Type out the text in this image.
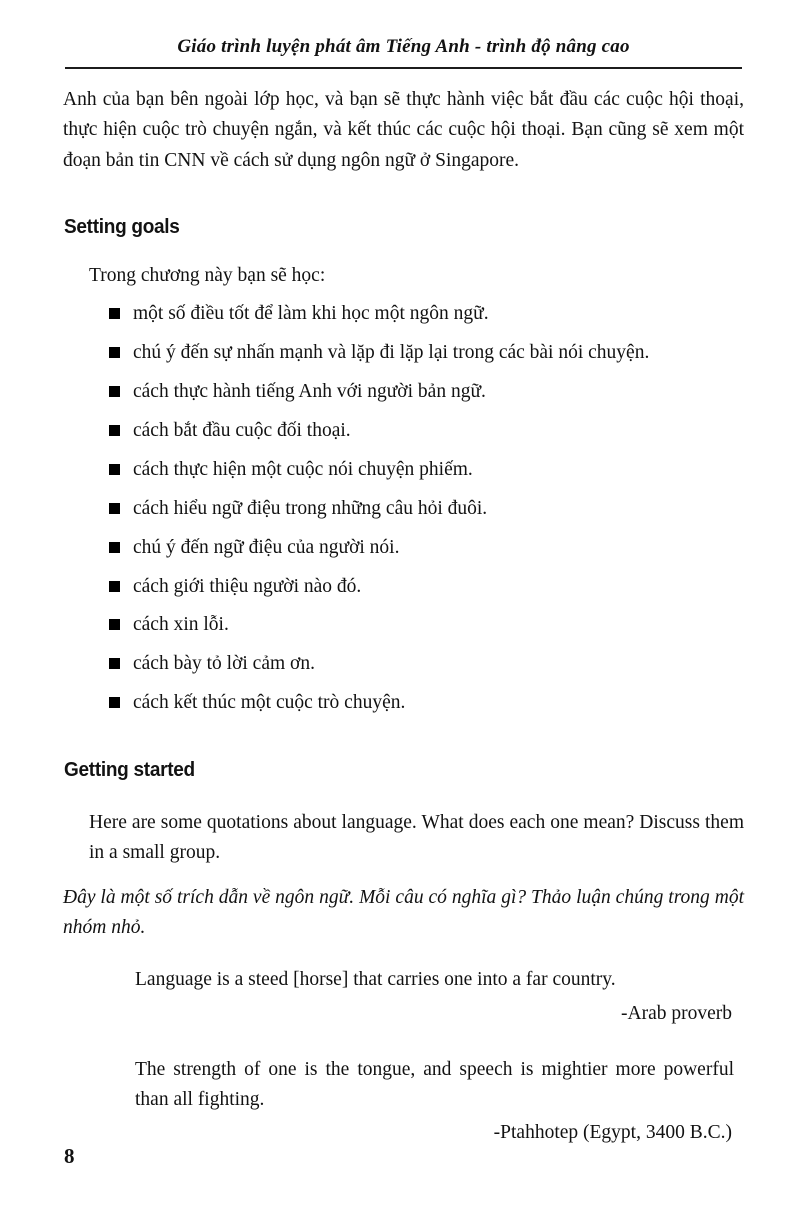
Giáo trình luyện phát âm Tiếng Anh - trình độ nâng cao

Anh của bạn bên ngoài lớp học, và bạn sẽ thực hành việc bắt đầu các cuộc hội thoại, thực hiện cuộc trò chuyện ngắn, và kết thúc các cuộc hội thoại. Bạn cũng sẽ xem một đoạn bản tin CNN về cách sử dụng ngôn ngữ ở Singapore.

Setting goals

Trong chương này bạn sẽ học:

một số điều tốt để làm khi học một ngôn ngữ.
chú ý đến sự nhấn mạnh và lặp đi lặp lại trong các bài nói chuyện.
cách thực hành tiếng Anh với người bản ngữ.
cách bắt đầu cuộc đối thoại.
cách thực hiện một cuộc nói chuyện phiếm.
cách hiểu ngữ điệu trong những câu hỏi đuôi.
chú ý đến ngữ điệu của người nói.
cách giới thiệu người nào đó.
cách xin lỗi.
cách bày tỏ lời cảm ơn.
cách kết thúc một cuộc trò chuyện.
Getting started

Here are some quotations about language. What does each one mean? Discuss them in a small group.

Đây là một số trích dẫn về ngôn ngữ. Mỗi câu có nghĩa gì? Thảo luận chúng trong một nhóm nhỏ.

Language is a steed [horse] that carries one into a far country.

-Arab proverb

The strength of one is the tongue, and speech is mightier more powerful than all fighting.

-Ptahhotep (Egypt, 3400 B.C.)

8
